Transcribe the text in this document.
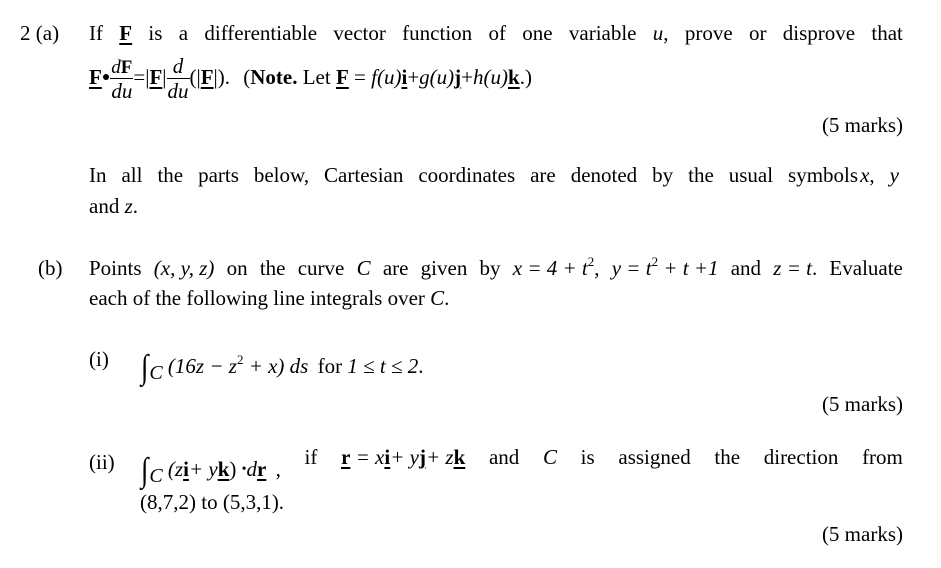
2 (a) If F is a differentiable vector function of one variable u, prove or disprove that
F● $\frac{dF}{du} =|F| \frac{d}{du} (|F|)$. (Note. Let F = f(u)i+g(u)j+h(u)k.)
(5 marks)
In all the parts below, Cartesian coordinates are denoted by the usual symbolsx, y
and z.
(b) Points (x, y, z) on the curve C are given by $x = 4 + t^2$, $y = t^2 + t +1$ and z = t. Evaluate
each of the following line integrals over C.
(i) ∫C $(16z - z^2 + x)$ ds for 1 ≤ t ≤ 2.
(5 marks)
(ii) ∫C (zi+ yk) •dr , if r = xi+ yj+ zk and C is assigned the direction from
(8,7,2) to (5,3,1).
(5 marks)
